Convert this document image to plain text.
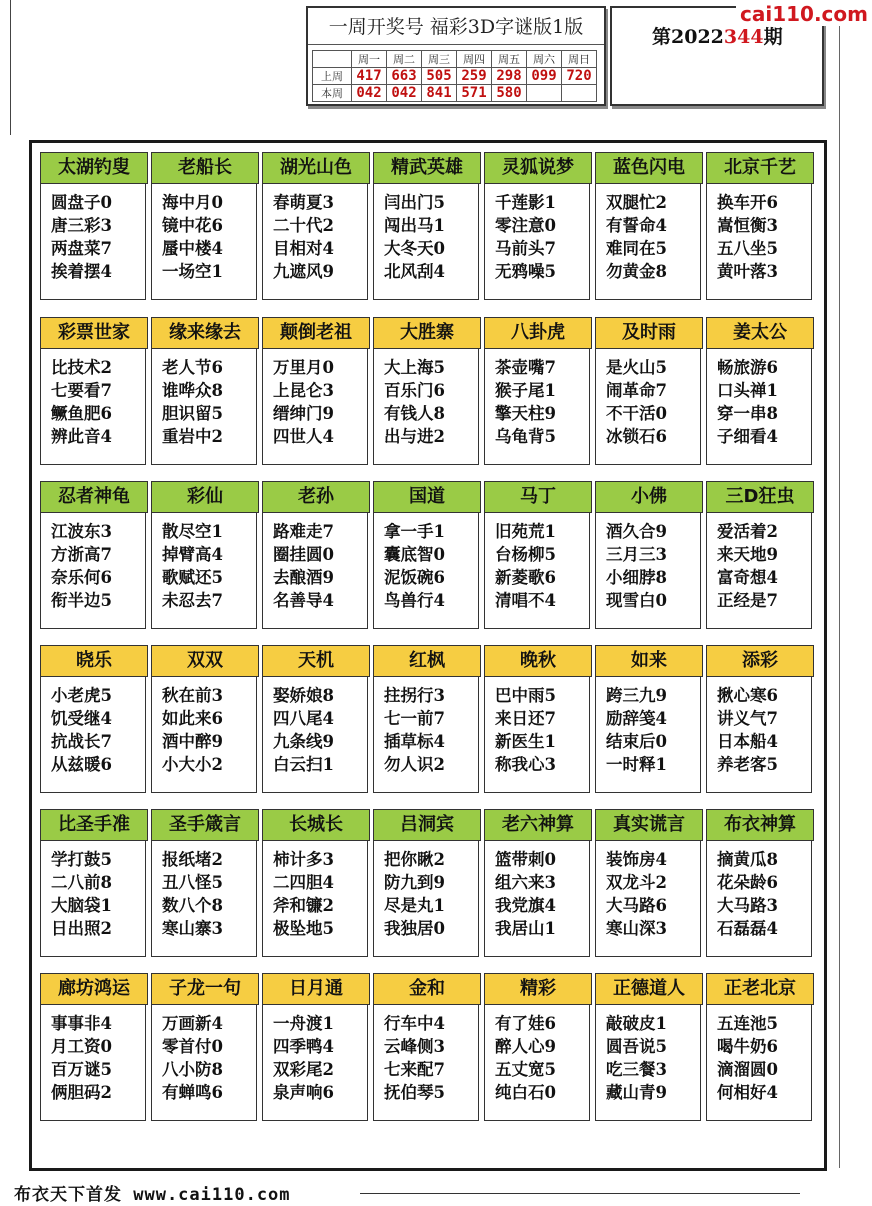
一周开奖号 福彩3D字谜版1版
	周一	周二	周三	周四	周五	周六	周日
上周	417	663	505	259	298	099	720
本周	042	042	841	571	580		
第2022344期
cai110.com
太湖钓叟
圆盘子0
唐三彩3
两盘菜7
挨着摆4
老船长
海中月0
镜中花6
蜃中楼4
一场空1
湖光山色
春萌夏3
二十代2
目相对4
九遮风9
精武英雄
闫出门5
闯出马1
大冬天0
北风刮4
灵狐说梦
千莲影1
零注意0
马前头7
无鸦噪5
蓝色闪电
双腿忙2
有誓命4
难同在5
勿黄金8
北京千艺
换车开6
嵩恒衡3
五八坐5
黄叶落3
彩票世家
比技术2
七要看7
鳜鱼肥6
辨此音4
缘来缘去
老人节6
谁哗众8
胆识留5
重岩中2
颠倒老祖
万里月0
上昆仑3
缙绅门9
四世人4
大胜寨
大上海5
百乐门6
有钱人8
出与进2
八卦虎
茶壶嘴7
猴子尾1
擎天柱9
乌龟背5
及时雨
是火山5
闹革命7
不干活0
冰锁石6
姜太公
畅旅游6
口头禅1
穿一串8
子细看4
忍者神龟
江波东3
方浙高7
奈乐何6
衔半边5
彩仙
散尽空1
掉臂高4
歌赋还5
未忍去7
老孙
路难走7
圈挂圆0
去酿酒9
名善导4
国道
拿一手1
囊底智0
泥饭碗6
鸟兽行4
马丁
旧苑荒1
台杨柳5
新菱歌6
清唱不4
小佛
酒久合9
三月三3
小细脖8
现雪白0
三D狂虫
爱活着2
来天地9
富奇想4
正经是7
晓乐
小老虎5
饥受继4
抗战长7
从兹暖6
双双
秋在前3
如此来6
酒中醉9
小大小2
天机
娶娇娘8
四八尾4
九条线9
白云扫1
红枫
拄拐行3
七一前7
插草标4
勿人识2
晚秋
巴中雨5
来日还7
新医生1
称我心3
如来
跨三九9
励辞笺4
结束后0
一时释1
添彩
揪心寒6
讲义气7
日本船4
养老客5
比圣手准
学打鼓5
二八前8
大脑袋1
日出照2
圣手箴言
报纸堵2
丑八怪5
数八个8
寒山寨3
长城长
柿计多3
二四胆4
斧和镰2
极坠地5
吕洞宾
把你瞅2
防九到9
尽是丸1
我独居0
老六神算
篮带刺0
组六来3
我党旗4
我居山1
真实谎言
装饰房4
双龙斗2
大马路6
寒山深3
布衣神算
摘黄瓜8
花朵龄6
大马路3
石磊磊4
廊坊鸿运
事事非4
月工资0
百万谜5
俩胆码2
子龙一句
万画新4
零首付0
八小防8
有蝉鸣6
日月通
一舟渡1
四季鸭4
双彩尾2
泉声响6
金和
行车中4
云峰侧3
七来配7
抚伯琴5
精彩
有了娃6
醉人心9
五丈宽5
纯白石0
正德道人
敲破皮1
圆吾说5
吃三餐3
藏山青9
正老北京
五连池5
喝牛奶6
滴溜圆0
何相好4
布衣天下首发 www.cai110.com
